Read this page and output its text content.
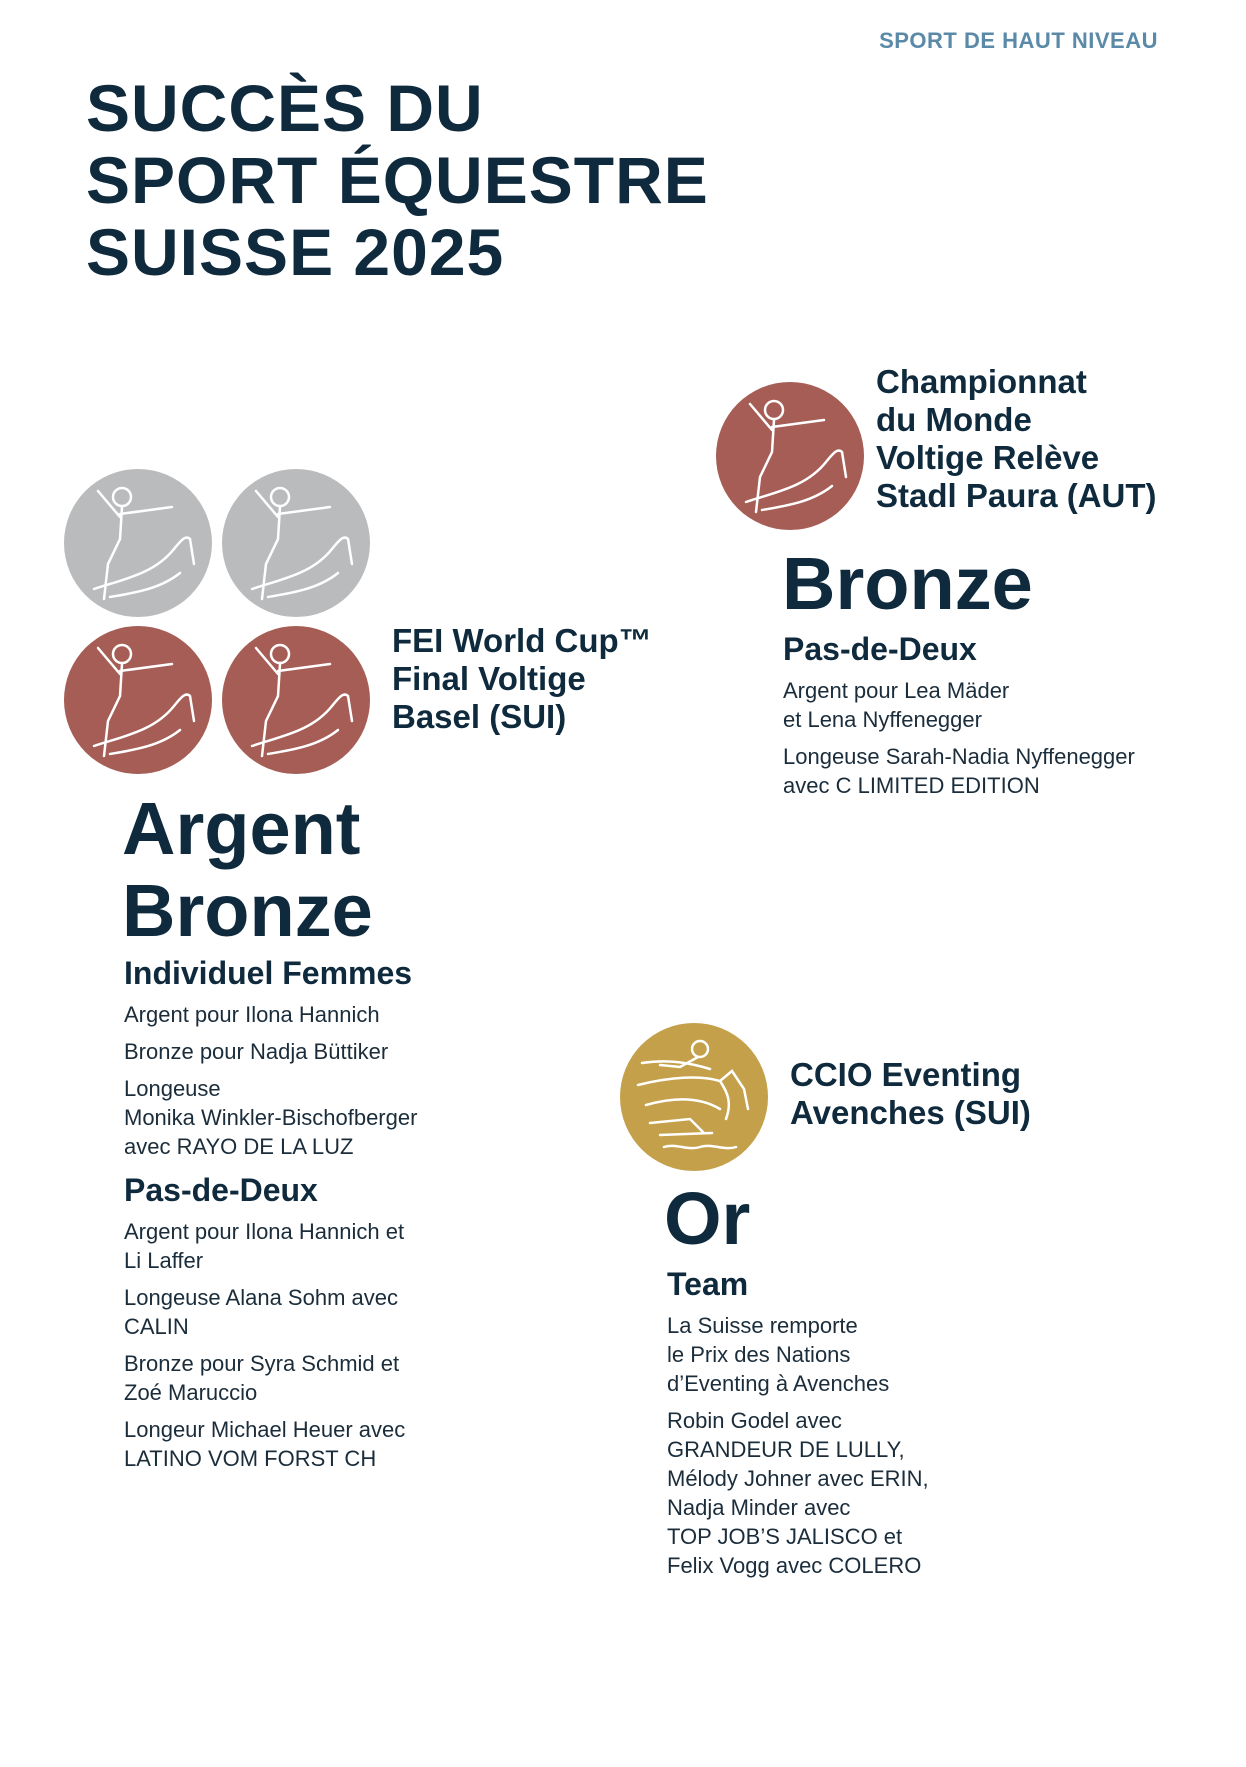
SPORT DE HAUT NIVEAU
SUCCÈS DU
SPORT ÉQUESTRE
SUISSE 2025
FEI World Cup™
Final Voltige
Basel (SUI)
Argent
Bronze
Individuel Femmes
Argent pour Ilona Hannich
Bronze pour Nadja Büttiker
Longeuse
Monika Winkler-Bischofberger
avec RAYO DE LA LUZ
Pas-de-Deux
Argent pour Ilona Hannich et
Li Laffer
Longeuse Alana Sohm avec
CALIN
Bronze pour Syra Schmid et
Zoé Maruccio
Longeur Michael Heuer avec
LATINO VOM FORST CH
Championnat
du Monde
Voltige Relève
Stadl Paura (AUT)
Bronze
Pas-de-Deux
Argent pour Lea Mäder
et Lena Nyffenegger
Longeuse Sarah-Nadia Nyffenegger
avec C LIMITED EDITION
CCIO Eventing
Avenches (SUI)
Or
Team
La Suisse remporte
le Prix des Nations
d’Eventing à Avenches
Robin Godel avec
GRANDEUR DE LULLY,
Mélody Johner avec ERIN,
Nadja Minder avec
TOP JOB’S JALISCO et
Felix Vogg avec COLERO
